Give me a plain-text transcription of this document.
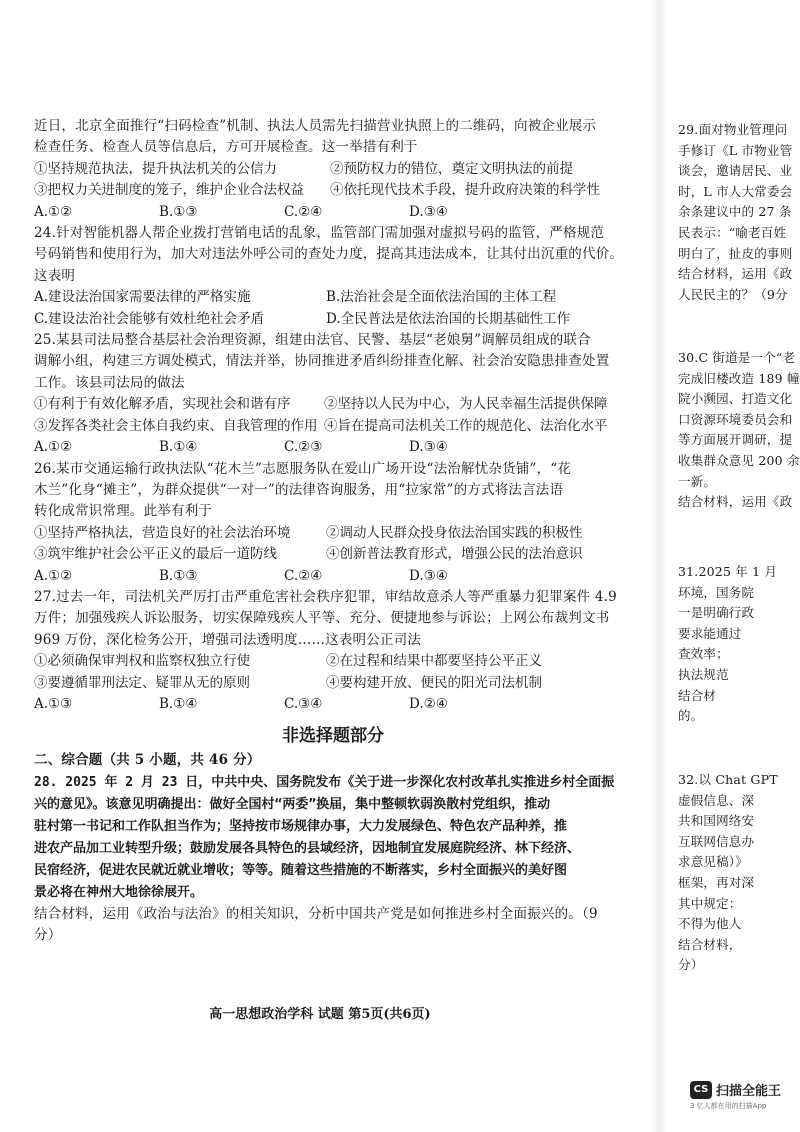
近日，北京全面推行“扫码检查”机制、执法人员需先扫描营业执照上的二维码，向被企业展示

检查任务、检查人员等信息后，方可开展检查。这一举措有利于

①坚持规范执法，提升执法机关的公信力	②预防权力的错位，奠定文明执法的前提
③把权力关进制度的笼子，维护企业合法权益	④依托现代技术手段，提升政府决策的科学性
A.①②	B.①③	C.②④	D.③④

24.针对智能机器人帮企业拨打营销电话的乱象，监管部门需加强对虚拟号码的监管，严格规范

号码销售和使用行为，加大对违法外呼公司的查处力度，提高其违法成本，让其付出沉重的代价。

这表明

A.建设法治国家需要法律的严格实施	B.法治社会是全面依法治国的主体工程
C.建设法治社会能够有效杜绝社会矛盾	D.全民普法是依法治国的长期基础性工作

25.某县司法局整合基层社会治理资源，组建由法官、民警、基层“老娘舅”调解员组成的联合

调解小组，构建三方调处模式，情法并举，协同推进矛盾纠纷排查化解、社会治安隐患排查处置

工作。该县司法局的做法

①有利于有效化解矛盾，实现社会和谐有序	②坚持以人民为中心，为人民幸福生活提供保障
③发挥各类社会主体自我约束、自我管理的作用 ④旨在提高司法机关工作的规范化、法治化水平
A.①②	B.①④	C.②③	D.③④

26.某市交通运输行政执法队“花木兰”志愿服务队在爱山广场开设“法治解忧杂货铺”，“花

木兰”化身“摊主”，为群众提供“一对一”的法律咨询服务，用“拉家常”的方式将法言法语

转化成常识常理。此举有利于

①坚持严格执法，营造良好的社会法治环境	②调动人民群众投身依法治国实践的积极性
③筑牢维护社会公平正义的最后一道防线	④创新普法教育形式，增强公民的法治意识
A.①②	B.①③	C.②④	D.③④

27.过去一年，司法机关严厉打击严重危害社会秩序犯罪，审结故意杀人等严重暴力犯罪案件 4.9

万件；加强残疾人诉讼服务，切实保障残疾人平等、充分、便捷地参与诉讼；上网公布裁判文书

969 万份，深化检务公开，增强司法透明度……这表明公正司法

①必须确保审判权和监察权独立行使	②在过程和结果中都要坚持公平正义
③要遵循罪刑法定、疑罪从无的原则	④要构建开放、便民的阳光司法机制
A.①③	B.①④	C.③④	D.②④
非选择题部分

二、综合题（共 5 小题，共 46 分）

28. 2025 年 2 月 23 日，中共中央、国务院发布《关于进一步深化农村改革扎实推进乡村全面振

兴的意见》。该意见明确提出：做好全国村“两委”换届，集中整顿软弱涣散村党组织，推动

驻村第一书记和工作队担当作为；坚持按市场规律办事，大力发展绿色、特色农产品种养，推

进农产品加工业转型升级；鼓励发展各具特色的县域经济，因地制宜发展庭院经济、林下经济、

民宿经济，促进农民就近就业增收；等等。随着这些措施的不断落实，乡村全面振兴的美好图

景必将在神州大地徐徐展开。

结合材料，运用《政治与法治》的相关知识，分析中国共产党是如何推进乡村全面振兴的。（9

分）

高一思想政治学科 试题 第5页(共6页)

29.面对物业管理问

手修订《L 市物业管

谈会，邀请居民、业

时，L 市人大常委会

余条建议中的 27 条

民表示：“喻老百姓

明白了，扯皮的事则

结合材料，运用《政

人民民主的？（9分

30.C 街道是一个“老

完成旧楼改造 189 幢

院小濒园、打造文化

口资源环境委员会和

等方面展开调研，提

收集群众意见 200 余

一新。

结合材料，运用《政

31.2025 年 1 月

环境，国务院

一是明确行政

要求能通过

查效率；

执法规范

结合材

的。

32.以 Chat GPT

虚假信息、深

共和国网络安

互联网信息办

求意见稿）》

框架，再对深

其中规定：

不得为他人

结合材料，

分）

CS 扫描全能王
3 亿人都在用的扫描App
